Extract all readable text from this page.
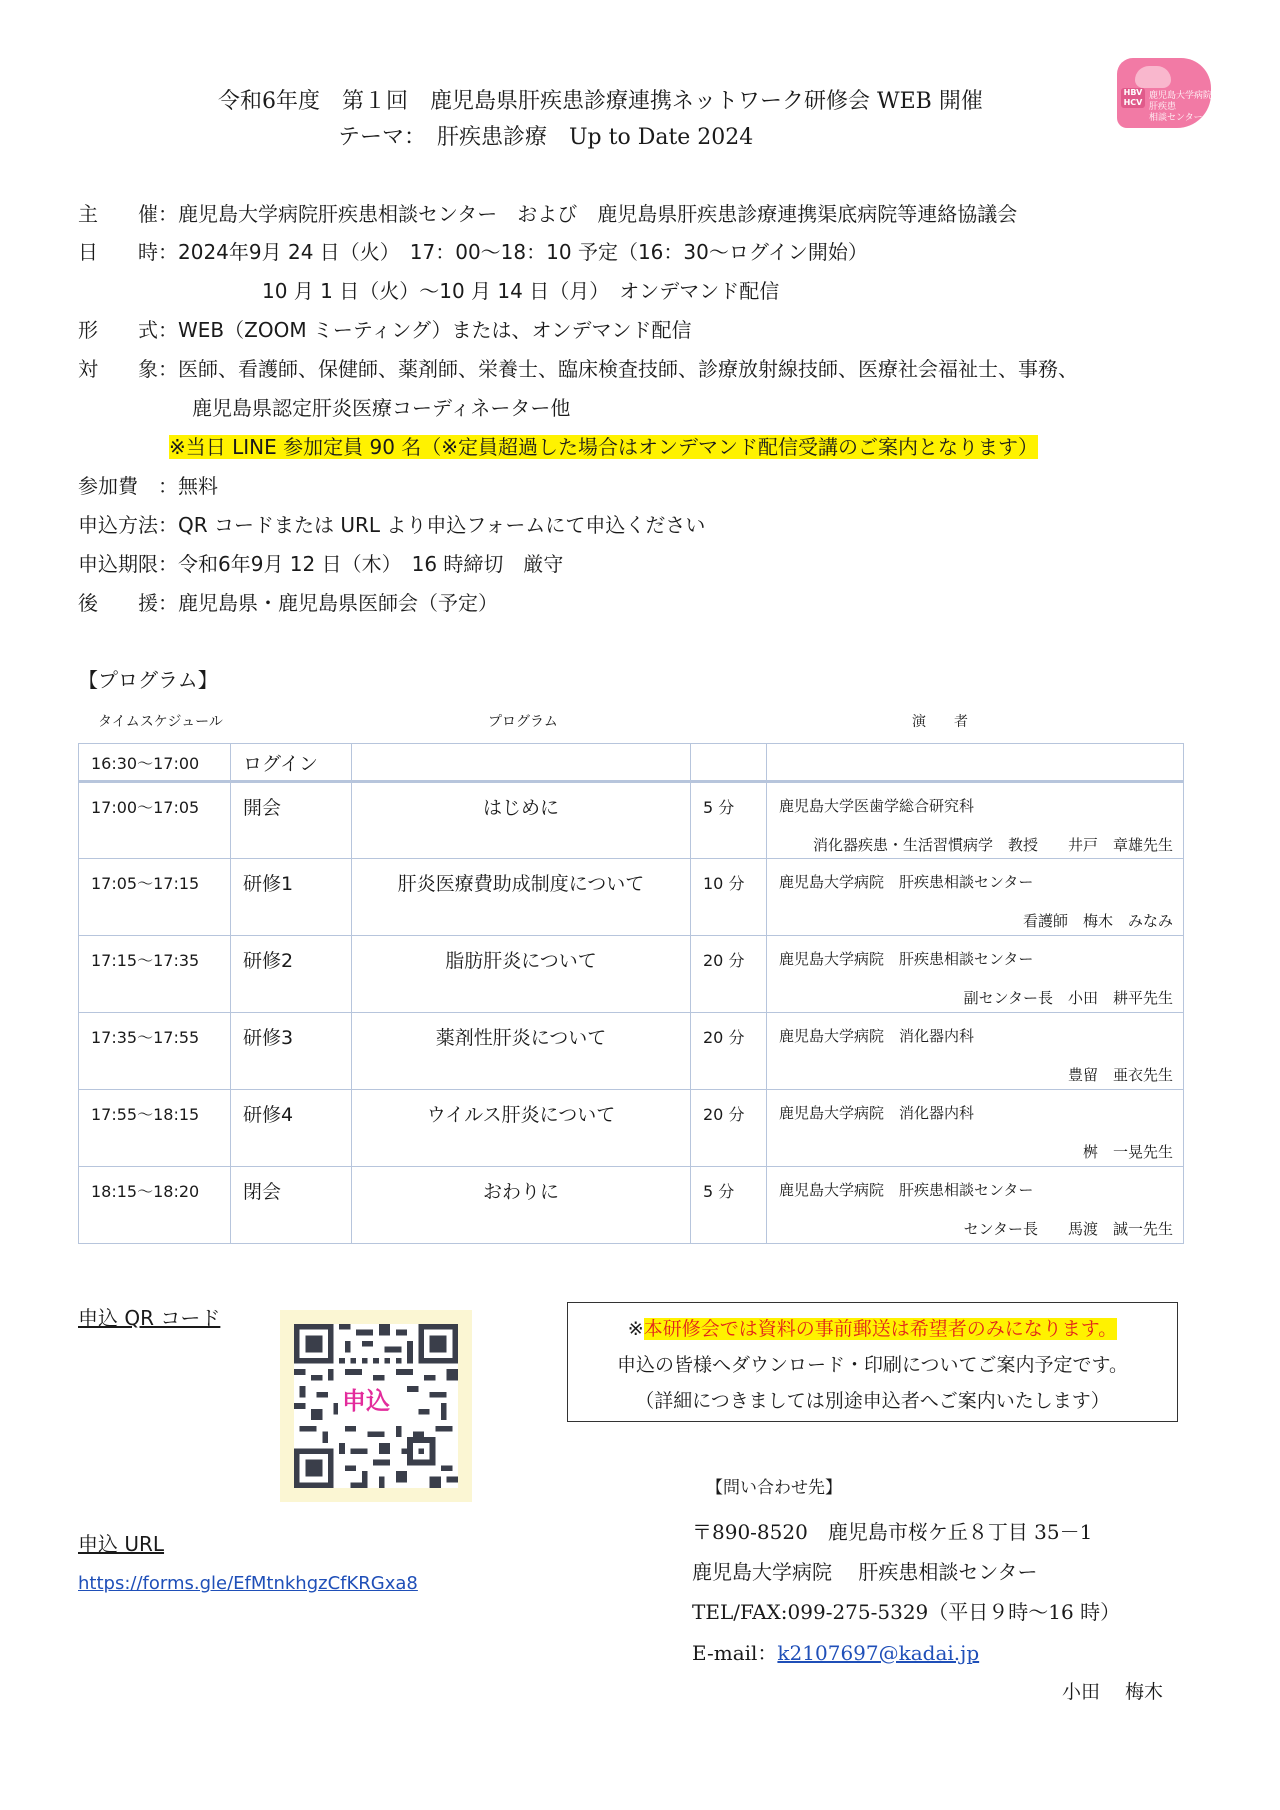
令和6年度　第１回　鹿児島県肝疾患診療連携ネットワーク研修会 WEB 開催
テーマ：　肝疾患診療　Up to Date 2024
HBV
HCV
鹿児島大学病院
肝疾患
相談センター
主　　催：鹿児島大学病院肝疾患相談センター　および　鹿児島県肝疾患診療連携渠底病院等連絡協議会
日　　時：2024年9月 24 日（火）　17：00～18：10 予定（16：30～ログイン開始）
10 月 1 日（火）～10 月 14 日（月）　オンデマンド配信
形　　式：WEB（ZOOM ミーティング）または、オンデマンド配信
対　　象：医師、看護師、保健師、薬剤師、栄養士、臨床検査技師、診療放射線技師、医療社会福祉士、事務、
鹿児島県認定肝炎医療コーディネーター他
※当日 LINE 参加定員 90 名（※定員超過した場合はオンデマンド配信受講のご案内となります）
参加費　：無料
申込方法：QR コードまたは URL より申込フォームにて申込ください
申込期限：令和6年9月 12 日（木）　16 時締切　厳守
後　　援：鹿児島県・鹿児島県医師会（予定）
【プログラム】
タイムスケジュール	プログラム	演　　者
16:30～17:00	ログイン			
17:00～17:05	開会	はじめに	5 分	鹿児島大学医歯学総合研究科
消化器疾患・生活習慣病学　教授　　井戸　章雄先生

17:05～17:15	研修1	肝炎医療費助成制度について	10 分	鹿児島大学病院　肝疾患相談センター
看護師　梅木　みなみ

17:15～17:35	研修2	脂肪肝炎について	20 分	鹿児島大学病院　肝疾患相談センター
副センター長　小田　耕平先生

17:35～17:55	研修3	薬剤性肝炎について	20 分	鹿児島大学病院　消化器内科
豊留　亜衣先生

17:55～18:15	研修4	ウイルス肝炎について	20 分	鹿児島大学病院　消化器内科
桝　一晃先生

18:15～18:20	閉会	おわりに	5 分	鹿児島大学病院　肝疾患相談センター
センター長　　馬渡　誠一先生
申込 QR コード
申込
※本研修会では資料の事前郵送は希望者のみになります。
申込の皆様へダウンロード・印刷についてご案内予定です。
（詳細につきましては別途申込者へご案内いたします）
申込 URL
https://forms.gle/EfMtnkhgzCfKRGxa8
【問い合わせ先】
〒890-8520　鹿児島市桜ケ丘８丁目 35－1
鹿児島大学病院　 肝疾患相談センター
TEL/FAX:099-275-5329（平日９時～16 時）
E-mail：k2107697@kadai.jp
小田　 梅木
